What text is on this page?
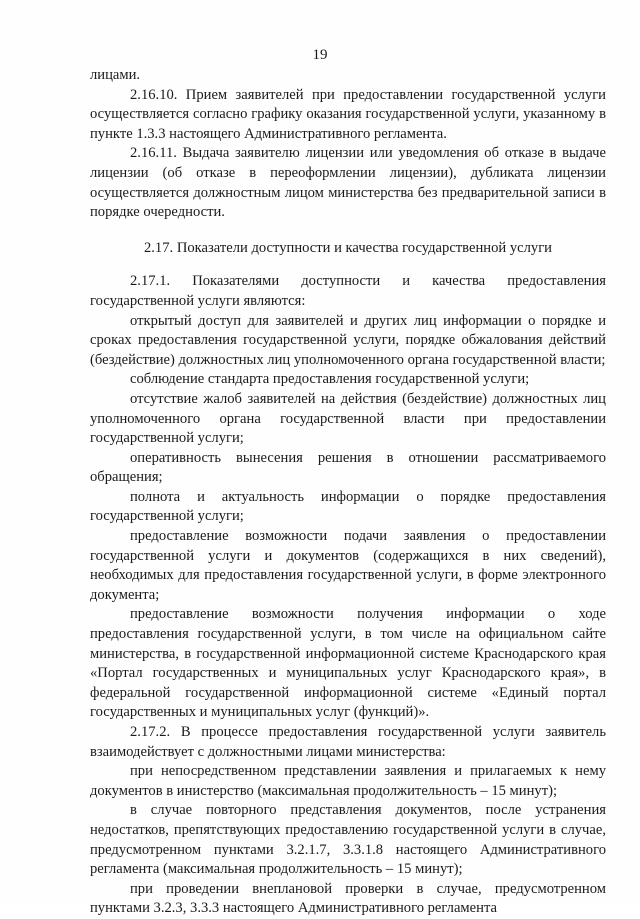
19

лицами.

2.16.10. Прием заявителей при предоставлении государственной услуги осуществляется согласно графику оказания государственной услуги, указанному в пункте 1.3.3 настоящего Административного регламента.

2.16.11. Выдача заявителю лицензии или уведомления об отказе в выдаче лицензии (об отказе в переоформлении лицензии), дубликата лицензии осуществляется должностным лицом министерства без предварительной записи в порядке очередности.

2.17. Показатели доступности и качества государственной услуги

2.17.1. Показателями доступности и качества предоставления государственной услуги являются:

открытый доступ для заявителей и других лиц информации о порядке и сроках предоставления государственной услуги, порядке обжалования действий (бездействие) должностных лиц уполномоченного органа государственной власти;

соблюдение стандарта предоставления государственной услуги;

отсутствие жалоб заявителей на действия (бездействие) должностных лиц уполномоченного органа государственной власти при предоставлении государственной услуги;

оперативность вынесения решения в отношении рассматриваемого обращения;

полнота и актуальность информации о порядке предоставления государственной услуги;

предоставление возможности подачи заявления о предоставлении государственной услуги и документов (содержащихся в них сведений), необходимых для предоставления государственной услуги, в форме электронного документа;

предоставление возможности получения информации о ходе предоставления государственной услуги, в том числе на официальном сайте министерства, в государственной информационной системе Краснодарского края «Портал государственных и муниципальных услуг Краснодарского края», в федеральной государственной информационной системе «Единый портал государственных и муниципальных услуг (функций)».

2.17.2. В процессе предоставления государственной услуги заявитель взаимодействует с должностными лицами министерства:

при непосредственном представлении заявления и прилагаемых к нему документов в инистерство (максимальная продолжительность – 15 минут);

в случае повторного представления документов, после устранения недостатков, препятствующих предоставлению государственной услуги в случае, предусмотренном пунктами 3.2.1.7, 3.3.1.8 настоящего Административного регламента (максимальная продолжительность – 15 минут);

при проведении внеплановой проверки в случае, предусмотренном пунктами 3.2.3, 3.3.3 настоящего Административного регламента
